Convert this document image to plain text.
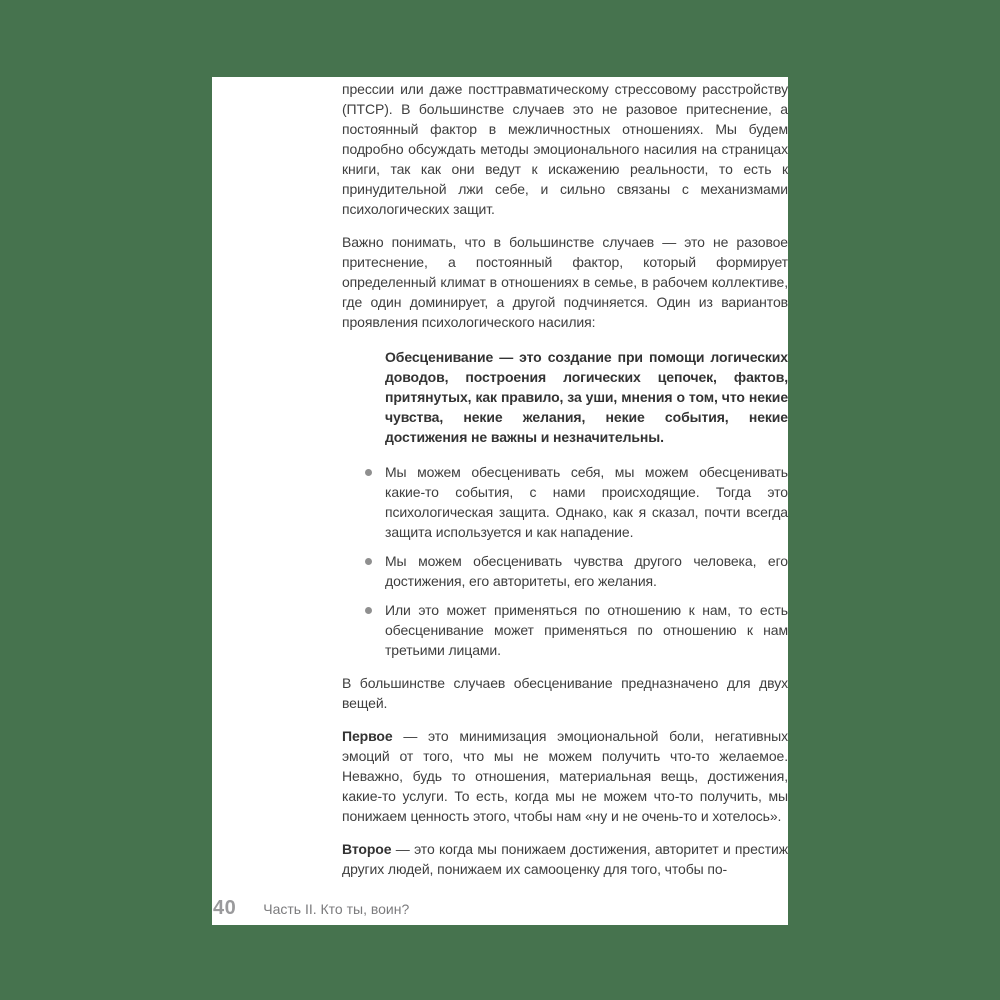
прессии или даже посттравматическому стрессовому расстройству (ПТСР). В большинстве случаев это не разовое притеснение, а постоянный фактор в межличностных отношениях. Мы будем подробно обсуждать методы эмоционального насилия на страницах книги, так как они ведут к искажению реальности, то есть к принудительной лжи себе, и сильно связаны с механизмами психологических защит.

Важно понимать, что в большинстве случаев — это не разовое притеснение, а постоянный фактор, который формирует определенный климат в отношениях в семье, в рабочем коллективе, где один доминирует, а другой подчиняется. Один из вариантов проявления психологического насилия:

Обесценивание — это создание при помощи логических доводов, построения логических цепочек, фактов, притянутых, как правило, за уши, мнения о том, что некие чувства, некие желания, некие события, некие достижения не важны и незначительны.

Мы можем обесценивать себя, мы можем обесценивать какие-то события, с нами происходящие. Тогда это психологическая защита. Однако, как я сказал, почти всегда защита используется и как нападение.
Мы можем обесценивать чувства другого человека, его достижения, его авторитеты, его желания.
Или это может применяться по отношению к нам, то есть обесценивание может применяться по отношению к нам третьими лицами.

В большинстве случаев обесценивание предназначено для двух вещей.

Первое — это минимизация эмоциональной боли, негативных эмоций от того, что мы не можем получить что-то желаемое. Неважно, будь то отношения, материальная вещь, достижения, какие-то услуги. То есть, когда мы не можем что-то получить, мы понижаем ценность этого, чтобы нам «ну и не очень-то и хотелось».

Второе — это когда мы понижаем достижения, авторитет и престиж других людей, понижаем их самооценку для того, чтобы по-

40 Часть II. Кто ты, воин?
